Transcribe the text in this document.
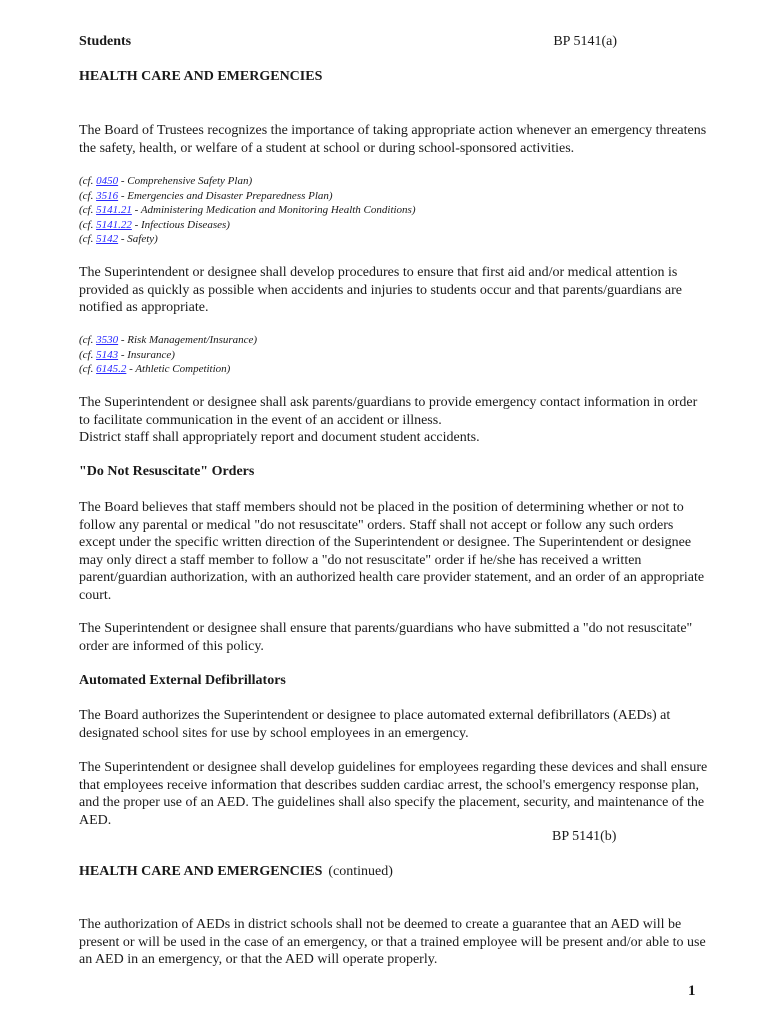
Students	BP 5141(a)
HEALTH CARE AND EMERGENCIES

The Board of Trustees recognizes the importance of taking appropriate action whenever an emergency threatens the safety, health, or welfare of a student at school or during school-sponsored activities.

(cf. 0450 - Comprehensive Safety Plan)
(cf. 3516 - Emergencies and Disaster Preparedness Plan)
(cf. 5141.21 - Administering Medication and Monitoring Health Conditions)
(cf. 5141.22 - Infectious Diseases)
(cf. 5142 - Safety)

The Superintendent or designee shall develop procedures to ensure that first aid and/or medical attention is provided as quickly as possible when accidents and injuries to students occur and that parents/guardians are notified as appropriate.

(cf. 3530 - Risk Management/Insurance)
(cf. 5143 - Insurance)
(cf. 6145.2 - Athletic Competition)

The Superintendent or designee shall ask parents/guardians to provide emergency contact information in order to facilitate communication in the event of an accident or illness.
District staff shall appropriately report and document student accidents.

"Do Not Resuscitate" Orders

The Board believes that staff members should not be placed in the position of determining whether or not to follow any parental or medical "do not resuscitate" orders. Staff shall not accept or follow any such orders except under the specific written direction of the Superintendent or designee. The Superintendent or designee may only direct a staff member to follow a "do not resuscitate" order if he/she has received a written parent/guardian authorization, with an authorized health care provider statement, and an order of an appropriate court.

The Superintendent or designee shall ensure that parents/guardians who have submitted a "do not resuscitate" order are informed of this policy.

Automated External Defibrillators

The Board authorizes the Superintendent or designee to place automated external defibrillators (AEDs) at designated school sites for use by school employees in an emergency.

The Superintendent or designee shall develop guidelines for employees regarding these devices and shall ensure that employees receive information that describes sudden cardiac arrest, the school's emergency response plan, and the proper use of an AED. The guidelines shall also specify the placement, security, and maintenance of the AED.

BP 5141(b)
HEALTH CARE AND EMERGENCIES (continued)

The authorization of AEDs in district schools shall not be deemed to create a guarantee that an AED will be present or will be used in the case of an emergency, or that a trained employee will be present and/or able to use an AED in an emergency, or that the AED will operate properly.

1
